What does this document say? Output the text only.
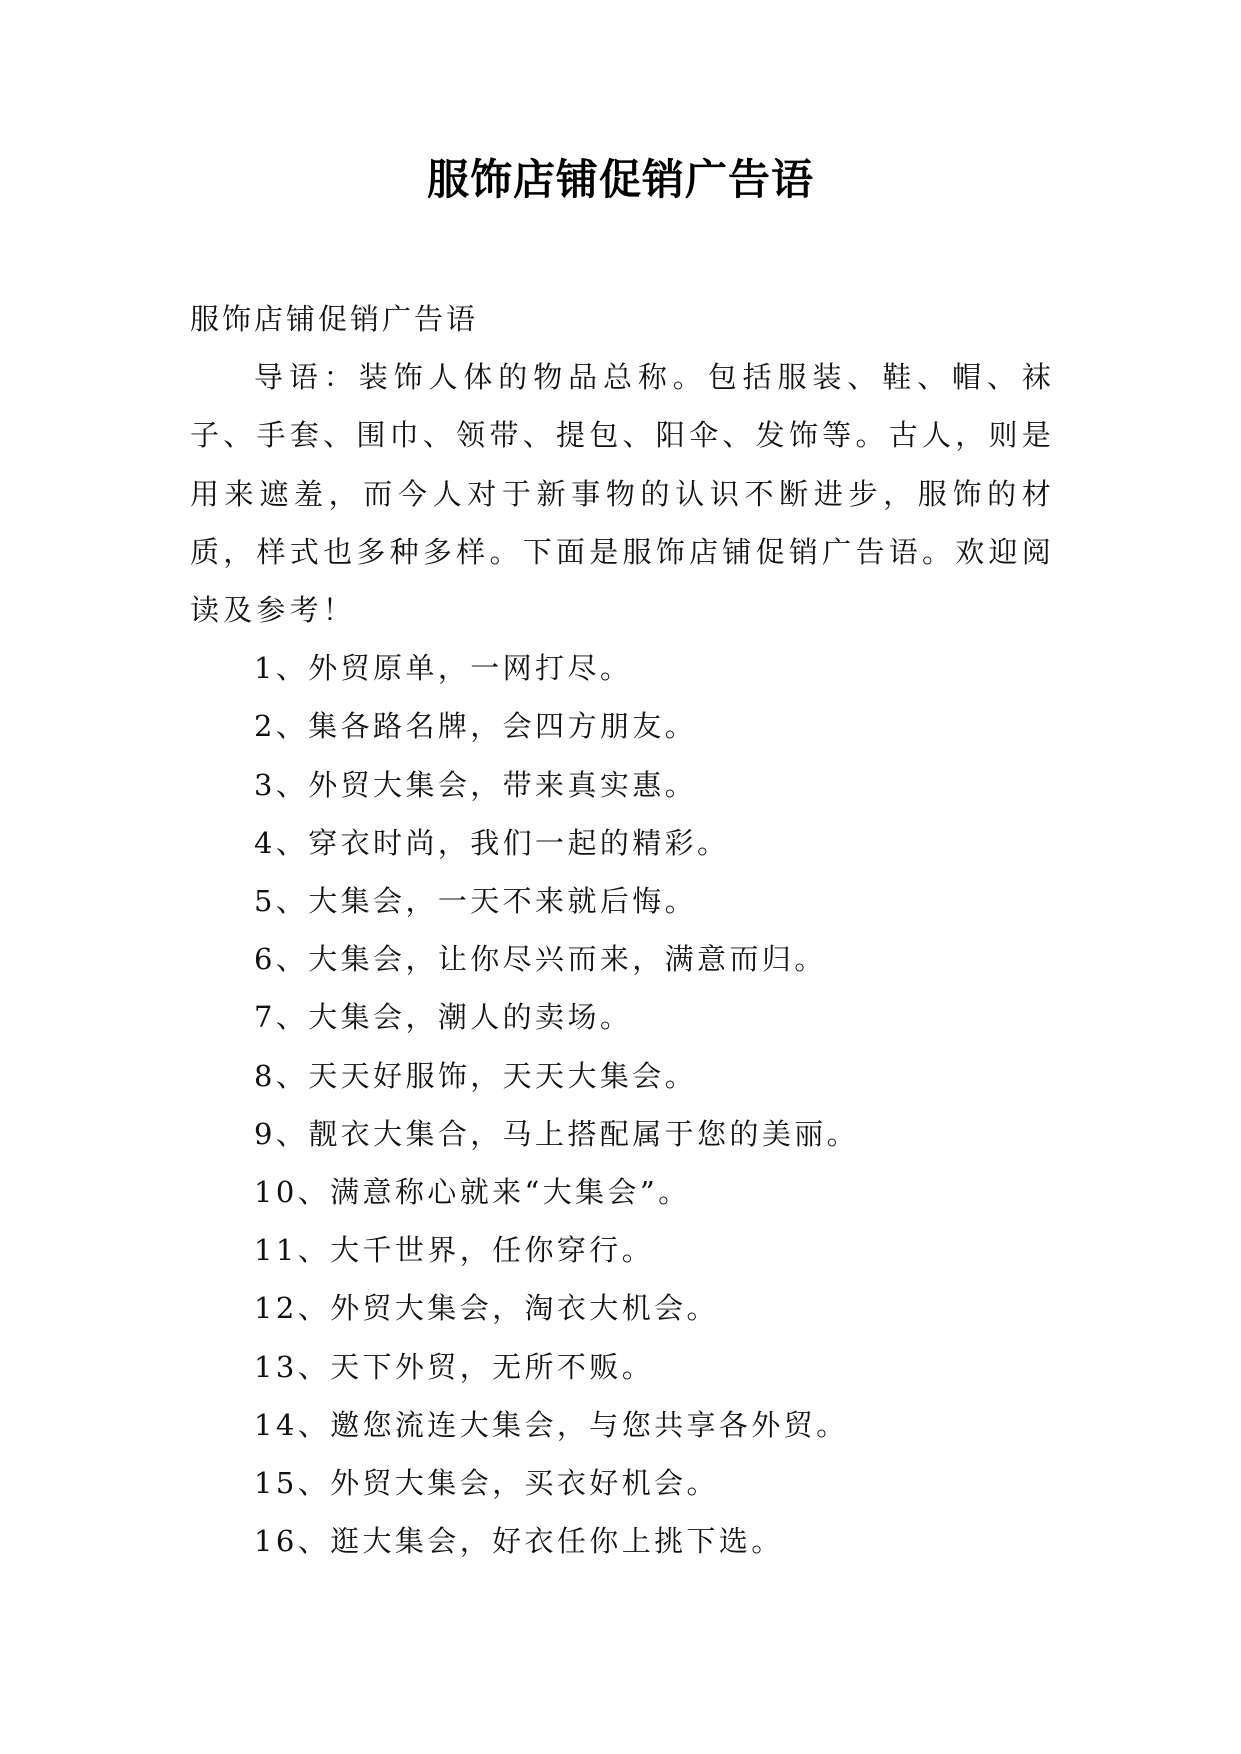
服饰店铺促销广告语

服饰店铺促销广告语

导语：装饰人体的物品总称。包括服装、鞋、帽、袜子、手套、围巾、领带、提包、阳伞、发饰等。古人，则是用来遮羞，而今人对于新事物的认识不断进步，服饰的材质，样式也多种多样。下面是服饰店铺促销广告语。欢迎阅读及参考！

1、外贸原单，一网打尽。
2、集各路名牌，会四方朋友。
3、外贸大集会，带来真实惠。
4、穿衣时尚，我们一起的精彩。
5、大集会，一天不来就后悔。
6、大集会，让你尽兴而来，满意而归。
7、大集会，潮人的卖场。
8、天天好服饰，天天大集会。
9、靓衣大集合，马上搭配属于您的美丽。
10、满意称心就来“大集会”。
11、大千世界，任你穿行。
12、外贸大集会，淘衣大机会。
13、天下外贸，无所不贩。
14、邀您流连大集会，与您共享各外贸。
15、外贸大集会，买衣好机会。
16、逛大集会，好衣任你上挑下选。
